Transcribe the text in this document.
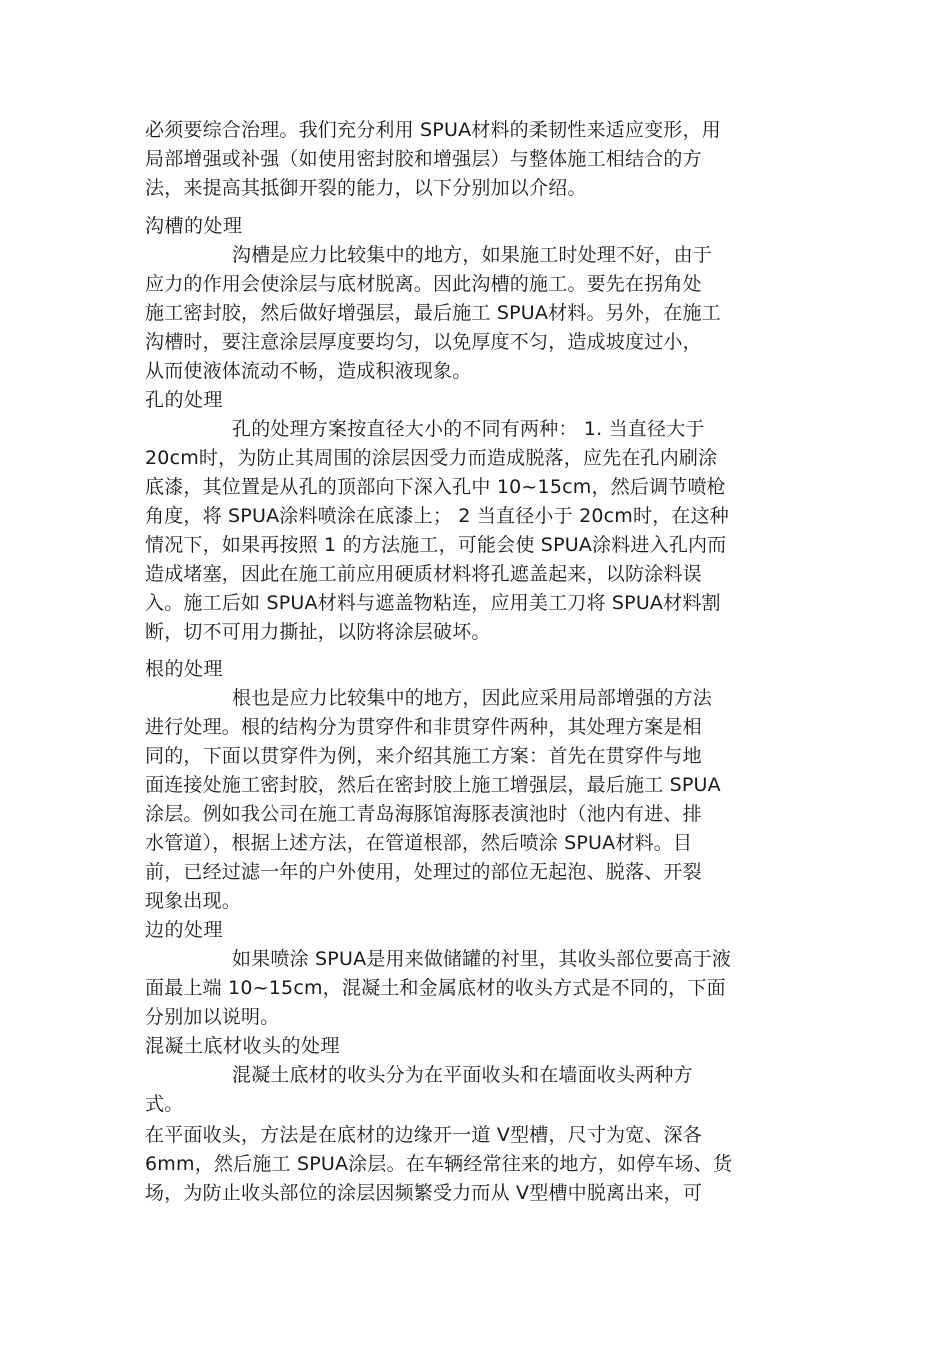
必须要综合治理。我们充分利用 SPUA材料的柔韧性来适应变形，用
局部增强或补强（如使用密封胶和增强层）与整体施工相结合的方
法，来提高其抵御开裂的能力，以下分别加以介绍。
沟槽的处理
沟槽是应力比较集中的地方，如果施工时处理不好，由于
应力的作用会使涂层与底材脱离。因此沟槽的施工。要先在拐角处
施工密封胶，然后做好增强层，最后施工 SPUA材料。另外，在施工
沟槽时，要注意涂层厚度要均匀，以免厚度不匀，造成坡度过小，
从而使液体流动不畅，造成积液现象。
孔的处理
孔的处理方案按直径大小的不同有两种： 1. 当直径大于
20cm时，为防止其周围的涂层因受力而造成脱落，应先在孔内刷涂
底漆，其位置是从孔的顶部向下深入孔中 10~15cm，然后调节喷枪
角度，将 SPUA涂料喷涂在底漆上； 2 当直径小于 20cm时，在这种
情况下，如果再按照 1 的方法施工，可能会使 SPUA涂料进入孔内而
造成堵塞，因此在施工前应用硬质材料将孔遮盖起来，以防涂料误
入。施工后如 SPUA材料与遮盖物粘连，应用美工刀将 SPUA材料割
断，切不可用力撕扯，以防将涂层破坏。
根的处理
根也是应力比较集中的地方，因此应采用局部增强的方法
进行处理。根的结构分为贯穿件和非贯穿件两种，其处理方案是相
同的，下面以贯穿件为例，来介绍其施工方案：首先在贯穿件与地
面连接处施工密封胶，然后在密封胶上施工增强层，最后施工 SPUA
涂层。例如我公司在施工青岛海豚馆海豚表演池时（池内有进、排
水管道），根据上述方法，在管道根部，然后喷涂 SPUA材料。目
前，已经过滤一年的户外使用，处理过的部位无起泡、脱落、开裂
现象出现。
边的处理
如果喷涂 SPUA是用来做储罐的衬里，其收头部位要高于液
面最上端 10~15cm，混凝土和金属底材的收头方式是不同的，下面
分别加以说明。
混凝土底材收头的处理
混凝土底材的收头分为在平面收头和在墙面收头两种方
式。
在平面收头，方法是在底材的边缘开一道 V型槽，尺寸为宽、深各
6mm，然后施工 SPUA涂层。在车辆经常往来的地方，如停车场、货
场，为防止收头部位的涂层因频繁受力而从 V型槽中脱离出来，可
